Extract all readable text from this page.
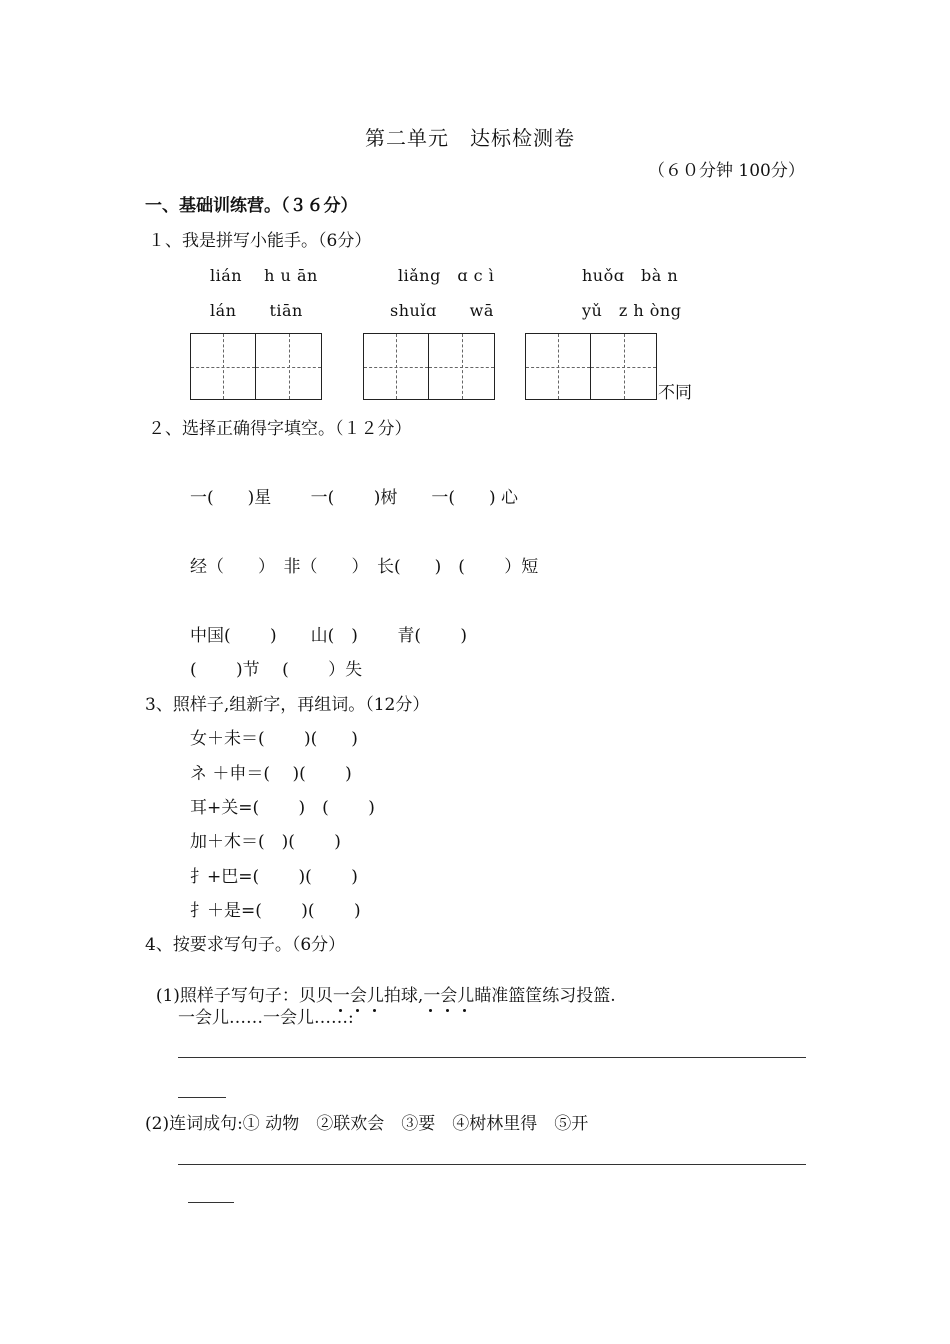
第二单元　达标检测卷
（６０分钟 100分）
一、基础训练营。（３６分）
１、我是拼写小能手。（6分）
lián　 h u ān	liǎng　ɑ c ì	huǒɑ　bà n
lán　　tiān	shuǐɑ　　wā	yǔ　z h òng
不同
２、选择正确得字填空。（１２分）
一(　　)星　　 一(　　 )树　　一(　　) 心
经（　　）　非（　　）　长(　　)　(　　 ）短
中国(　　 )　　山(　)　　 青(　　 )
(　　 )节　 (　　 ）失
3、照样子,组新字，再组词。（12分）
女＋未＝(　　 )(　　)
ネ ＋申＝(　 )(　　 )
耳+关=(　　 )　(　　 )
加＋木＝(　)(　　 )
扌+巴=(　　 )(　　 )
扌＋是=(　　 )(　　 )
4、按要求写句子。（6分）

(1)照样子写句子：贝贝一会儿
拍球,一会儿
瞄准篮筐练习投篮.

一会儿……一会儿……:
(2)连词成句:① 动物　②联欢会　③要　④树林里得　⑤开
